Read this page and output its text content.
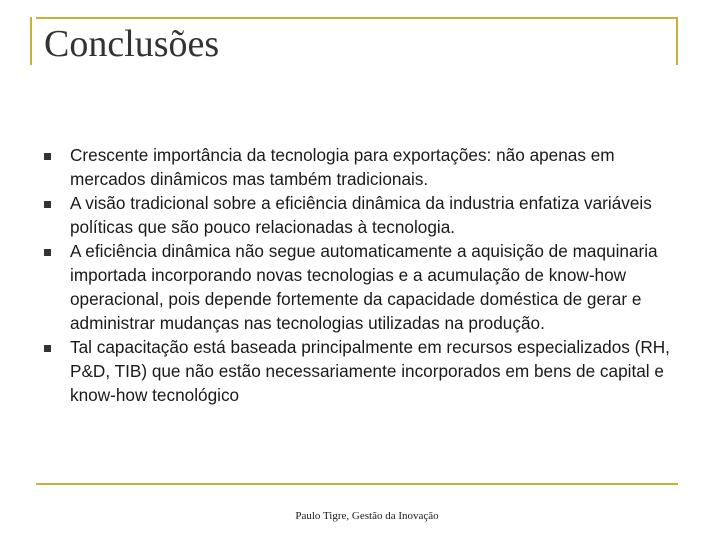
Conclusões
Crescente importância da tecnologia para exportações: não apenas em mercados dinâmicos mas também tradicionais.
A visão tradicional sobre a eficiência dinâmica da industria enfatiza variáveis políticas que são pouco relacionadas à tecnologia.
A eficiência dinâmica não segue automaticamente a aquisição de maquinaria importada incorporando novas tecnologias e a acumulação de know-how operacional, pois depende fortemente da capacidade doméstica de gerar e administrar mudanças nas tecnologias utilizadas na produção.
Tal capacitação está baseada principalmente em recursos especializados (RH, P&D, TIB) que não estão necessariamente incorporados em bens de capital e know-how tecnológico
Paulo Tigre, Gestão da Inovação
